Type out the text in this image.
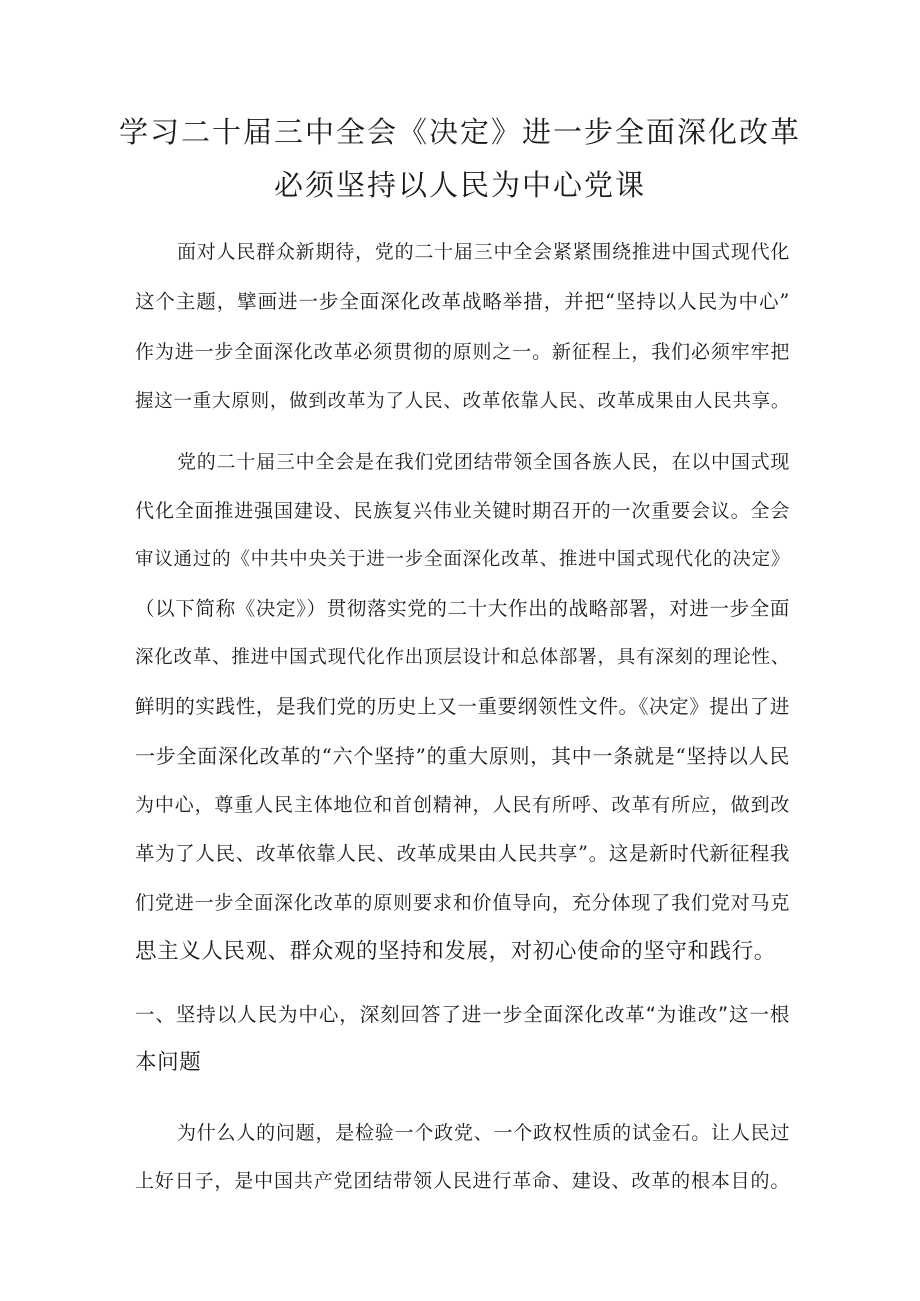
学习二十届三中全会《决定》进一步全面深化改革
必须坚持以人民为中心党课
面对人民群众新期待，党的二十届三中全会紧紧围绕推进中国式现代化
这个主题，擘画进一步全面深化改革战略举措，并把“坚持以人民为中心”
作为进一步全面深化改革必须贯彻的原则之一。新征程上，我们必须牢牢把
握这一重大原则，做到改革为了人民、改革依靠人民、改革成果由人民共享。
党的二十届三中全会是在我们党团结带领全国各族人民，在以中国式现
代化全面推进强国建设、民族复兴伟业关键时期召开的一次重要会议。全会
审议通过的《中共中央关于进一步全面深化改革、推进中国式现代化的决定》
（以下简称《决定》）贯彻落实党的二十大作出的战略部署，对进一步全面
深化改革、推进中国式现代化作出顶层设计和总体部署，具有深刻的理论性、
鲜明的实践性，是我们党的历史上又一重要纲领性文件。《决定》提出了进
一步全面深化改革的“六个坚持”的重大原则，其中一条就是“坚持以人民
为中心，尊重人民主体地位和首创精神，人民有所呼、改革有所应，做到改
革为了人民、改革依靠人民、改革成果由人民共享”。这是新时代新征程我
们党进一步全面深化改革的原则要求和价值导向，充分体现了我们党对马克
思主义人民观、群众观的坚持和发展，对初心使命的坚守和践行。
一、坚持以人民为中心，深刻回答了进一步全面深化改革“为谁改”这一根
本问题
为什么人的问题，是检验一个政党、一个政权性质的试金石。让人民过
上好日子，是中国共产党团结带领人民进行革命、建设、改革的根本目的。
